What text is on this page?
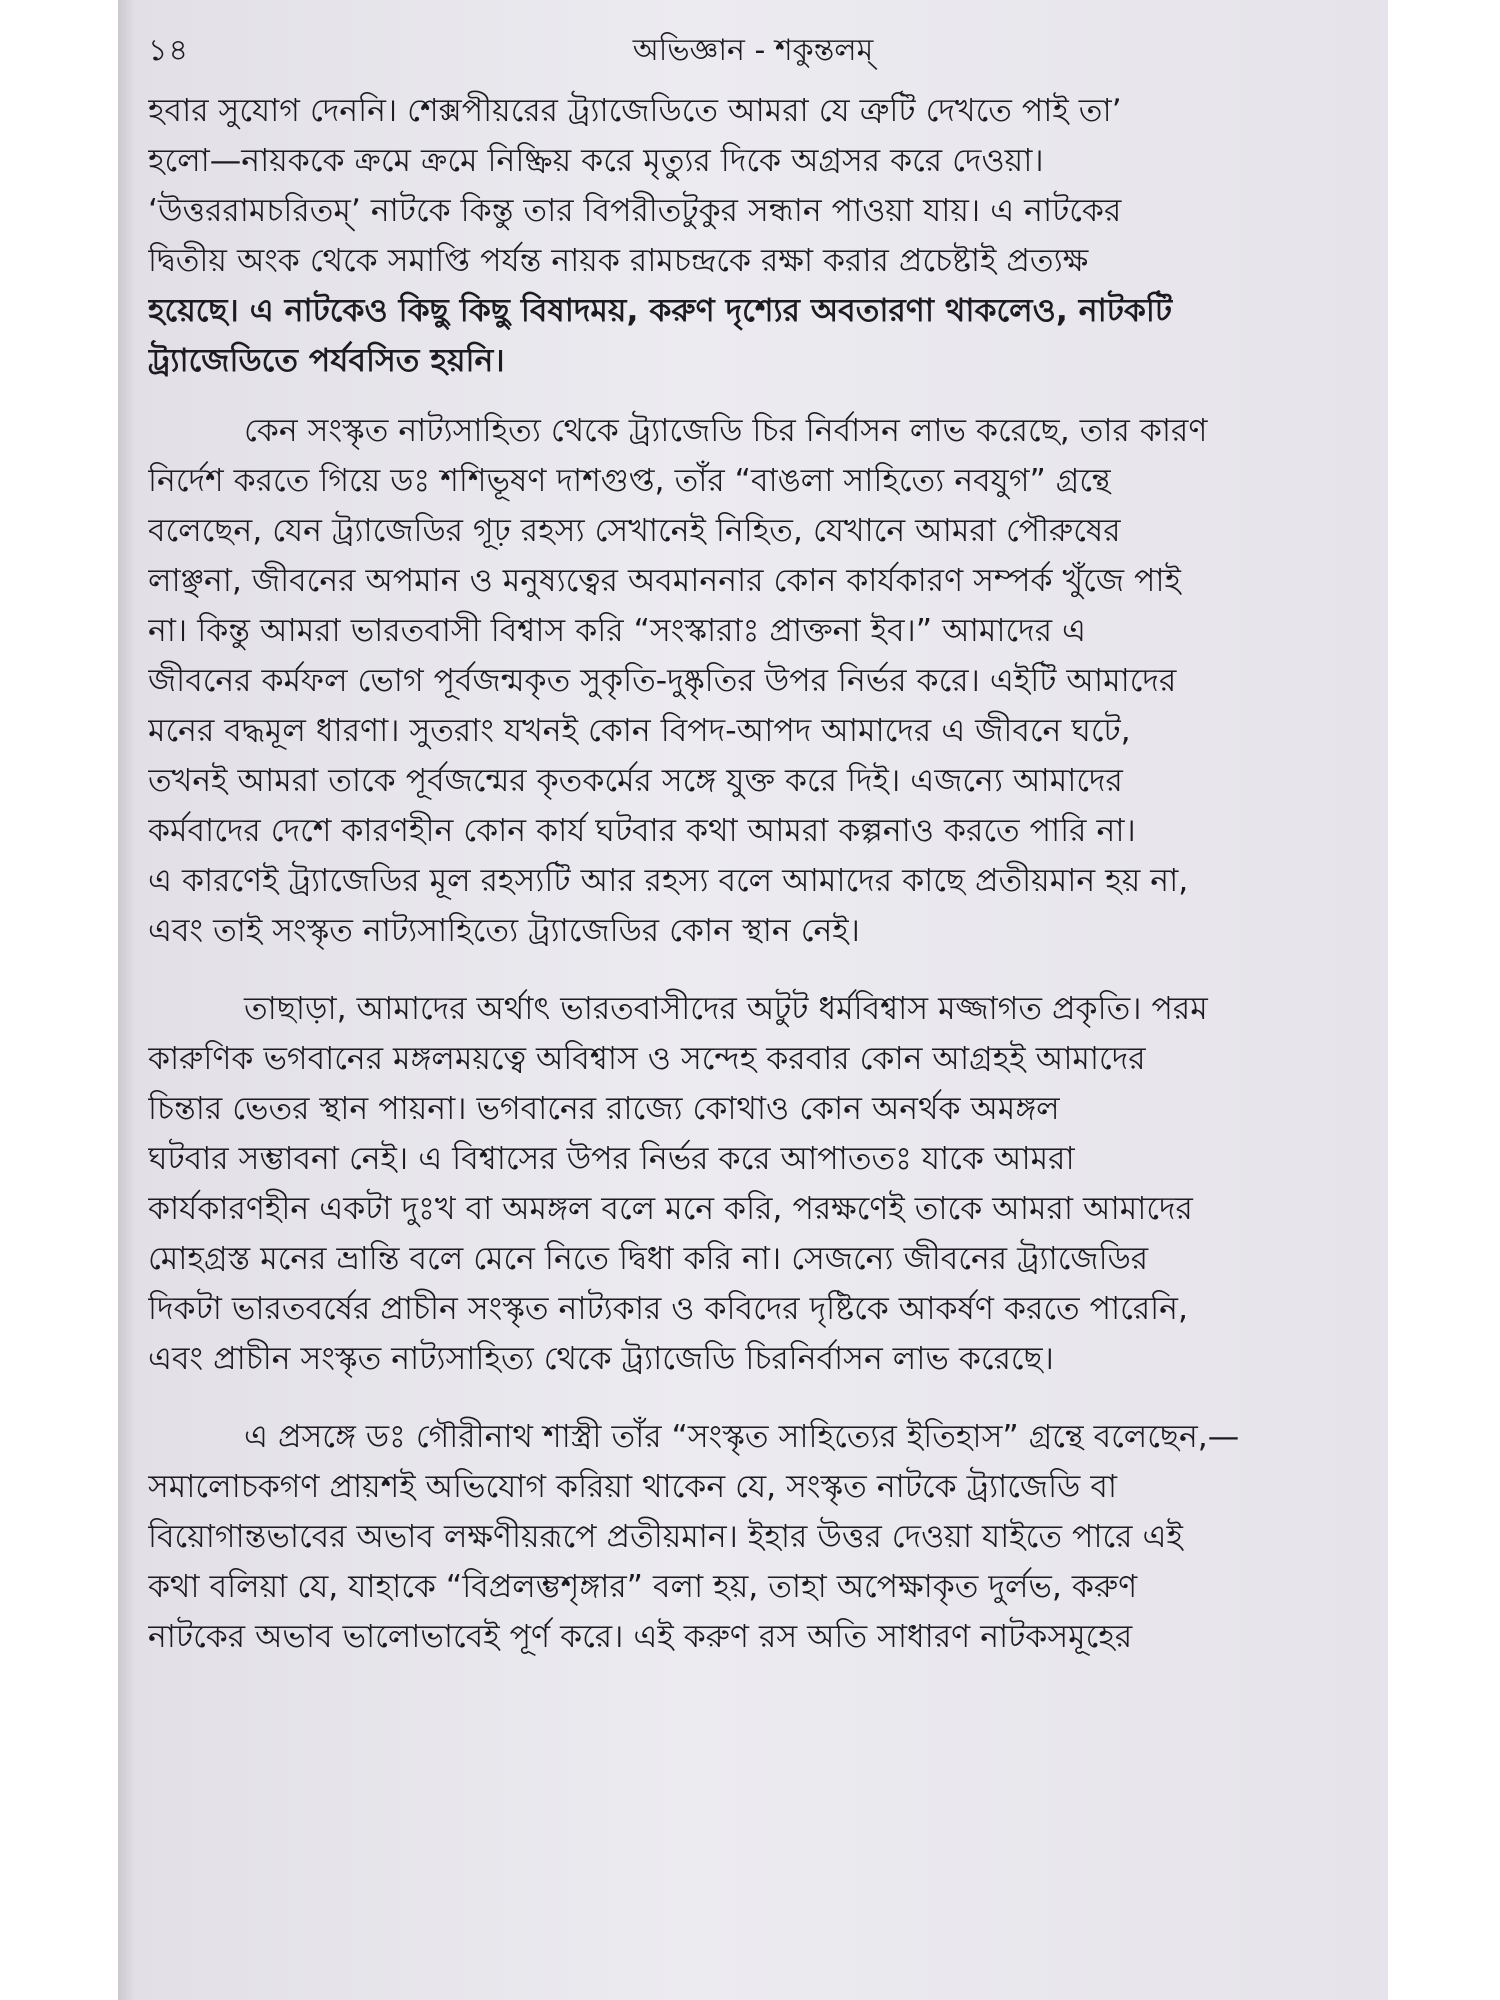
১৪	অভিজ্ঞান - শকুন্তলম্
হবার সুযোগ দেননি। শেক্সপীয়রের ট্র্যাজেডিতে আমরা যে ত্রুটি দেখতে পাই তা’
হলো—নায়ককে ক্রমে ক্রমে নিষ্ক্রিয় করে মৃত্যুর দিকে অগ্রসর করে দেওয়া।
‘উত্তররামচরিতম্’ নাটকে কিন্তু তার বিপরীতটুকুর সন্ধান পাওয়া যায়। এ নাটকের
দ্বিতীয় অংক থেকে সমাপ্তি পর্যন্ত নায়ক রামচন্দ্রকে রক্ষা করার প্রচেষ্টাই প্রত্যক্ষ
হয়েছে। এ নাটকেও কিছু কিছু বিষাদময়, করুণ দৃশ্যের অবতারণা থাকলেও, নাটকটি
ট্র্যাজেডিতে পর্যবসিত হয়নি।
কেন সংস্কৃত নাট্যসাহিত্য থেকে ট্র্যাজেডি চির নির্বাসন লাভ করেছে, তার কারণ
নির্দেশ করতে গিয়ে ডঃ শশিভূষণ দাশগুপ্ত, তাঁর “বাঙলা সাহিত্যে নবযুগ” গ্রন্থে
বলেছেন, যেন ট্র্যাজেডির গূঢ় রহস্য সেখানেই নিহিত, যেখানে আমরা পৌরুষের
লাঞ্ছনা, জীবনের অপমান ও মনুষ্যত্বের অবমাননার কোন কার্যকারণ সম্পর্ক খুঁজে পাই
না। কিন্তু আমরা ভারতবাসী বিশ্বাস করি “সংস্কারাঃ প্রাক্তনা ইব।” আমাদের এ
জীবনের কর্মফল ভোগ পূর্বজন্মকৃত সুকৃতি-দুষ্কৃতির উপর নির্ভর করে। এইটি আমাদের
মনের বদ্ধমূল ধারণা। সুতরাং যখনই কোন বিপদ-আপদ আমাদের এ জীবনে ঘটে,
তখনই আমরা তাকে পূর্বজন্মের কৃতকর্মের সঙ্গে যুক্ত করে দিই। এজন্যে আমাদের
কর্মবাদের দেশে কারণহীন কোন কার্য ঘটবার কথা আমরা কল্পনাও করতে পারি না।
এ কারণেই ট্র্যাজেডির মূল রহস্যটি আর রহস্য বলে আমাদের কাছে প্রতীয়মান হয় না,
এবং তাই সংস্কৃত নাট্যসাহিত্যে ট্র্যাজেডির কোন স্থান নেই।
তাছাড়া, আমাদের অর্থাৎ ভারতবাসীদের অটুট ধর্মবিশ্বাস মজ্জাগত প্রকৃতি। পরম
কারুণিক ভগবানের মঙ্গলময়ত্বে অবিশ্বাস ও সন্দেহ করবার কোন আগ্রহই আমাদের
চিন্তার ভেতর স্থান পায়না। ভগবানের রাজ্যে কোথাও কোন অনর্থক অমঙ্গল
ঘটবার সম্ভাবনা নেই। এ বিশ্বাসের উপর নির্ভর করে আপাততঃ যাকে আমরা
কার্যকারণহীন একটা দুঃখ বা অমঙ্গল বলে মনে করি, পরক্ষণেই তাকে আমরা আমাদের
মোহগ্রস্ত মনের ভ্রান্তি বলে মেনে নিতে দ্বিধা করি না। সেজন্যে জীবনের ট্র্যাজেডির
দিকটা ভারতবর্ষের প্রাচীন সংস্কৃত নাট্যকার ও কবিদের দৃষ্টিকে আকর্ষণ করতে পারেনি,
এবং প্রাচীন সংস্কৃত নাট্যসাহিত্য থেকে ট্র্যাজেডি চিরনির্বাসন লাভ করেছে।
এ প্রসঙ্গে ডঃ গৌরীনাথ শাস্ত্রী তাঁর “সংস্কৃত সাহিত্যের ইতিহাস” গ্রন্থে বলেছেন,—
সমালোচকগণ প্রায়শই অভিযোগ করিয়া থাকেন যে, সংস্কৃত নাটকে ট্র্যাজেডি বা
বিয়োগান্তভাবের অভাব লক্ষণীয়রূপে প্রতীয়মান। ইহার উত্তর দেওয়া যাইতে পারে এই
কথা বলিয়া যে, যাহাকে “বিপ্রলম্ভশৃঙ্গার” বলা হয়, তাহা অপেক্ষাকৃত দুর্লভ, করুণ
নাটকের অভাব ভালোভাবেই পূর্ণ করে। এই করুণ রস অতি সাধারণ নাটকসমূহের
